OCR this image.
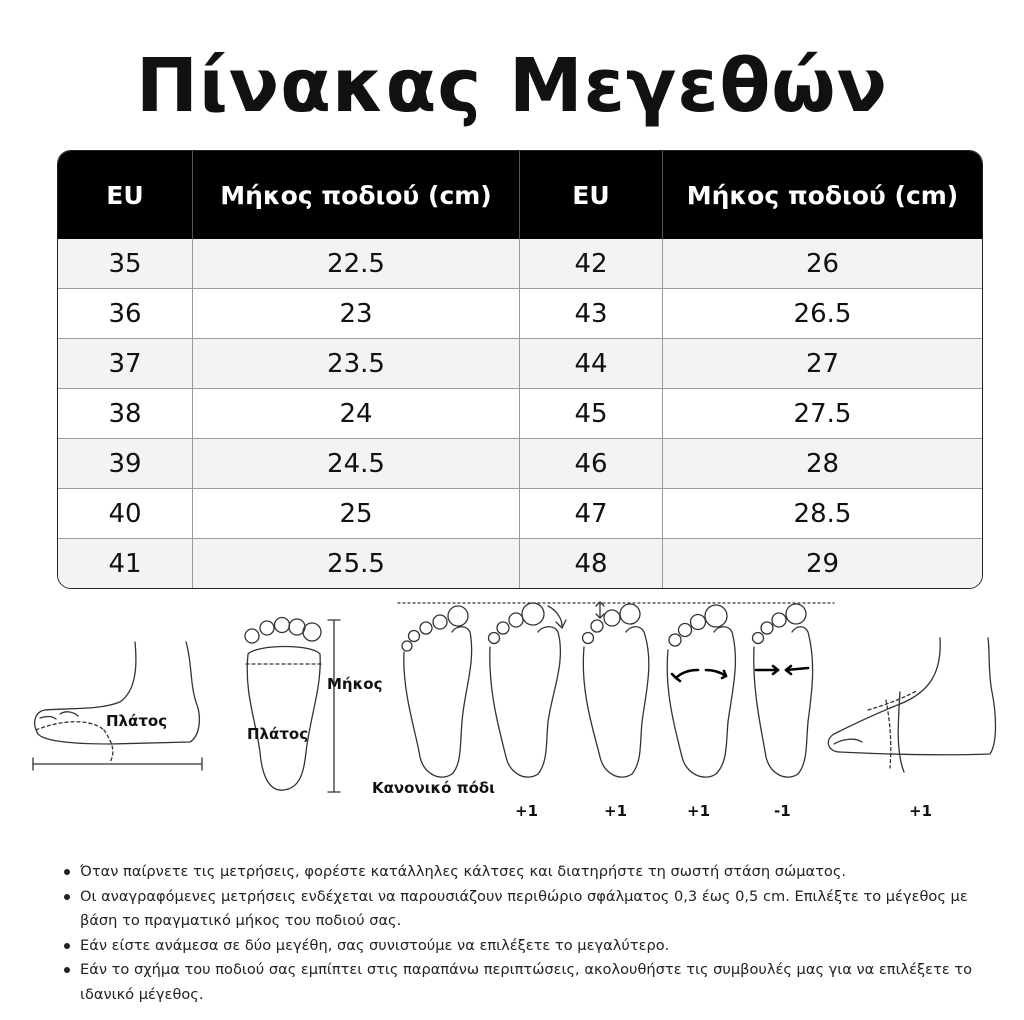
Πίνακας Μεγεθών
EU	Μήκος ποδιού (cm)	EU	Μήκος ποδιού (cm)
35	22.5	42	26
36	23	43	26.5
37	23.5	44	27
38	24	45	27.5
39	24.5	46	28
40	25	47	28.5
41	25.5	48	29
Πλάτος
Πλάτος
Μήκος
Κανονικό πόδι
+1	+1	+1	-1	+1
Όταν παίρνετε τις μετρήσεις, φορέστε κατάλληλες κάλτσες και διατηρήστε τη σωστή στάση σώματος.
Οι αναγραφόμενες μετρήσεις ενδέχεται να παρουσιάζουν περιθώριο σφάλματος 0,3 έως 0,5 cm. Επιλέξτε το μέγεθος με βάση το πραγματικό μήκος του ποδιού σας.
Εάν είστε ανάμεσα σε δύο μεγέθη, σας συνιστούμε να επιλέξετε το μεγαλύτερο.
Εάν το σχήμα του ποδιού σας εμπίπτει στις παραπάνω περιπτώσεις, ακολουθήστε τις συμβουλές μας για να επιλέξετε το ιδανικό μέγεθος.
